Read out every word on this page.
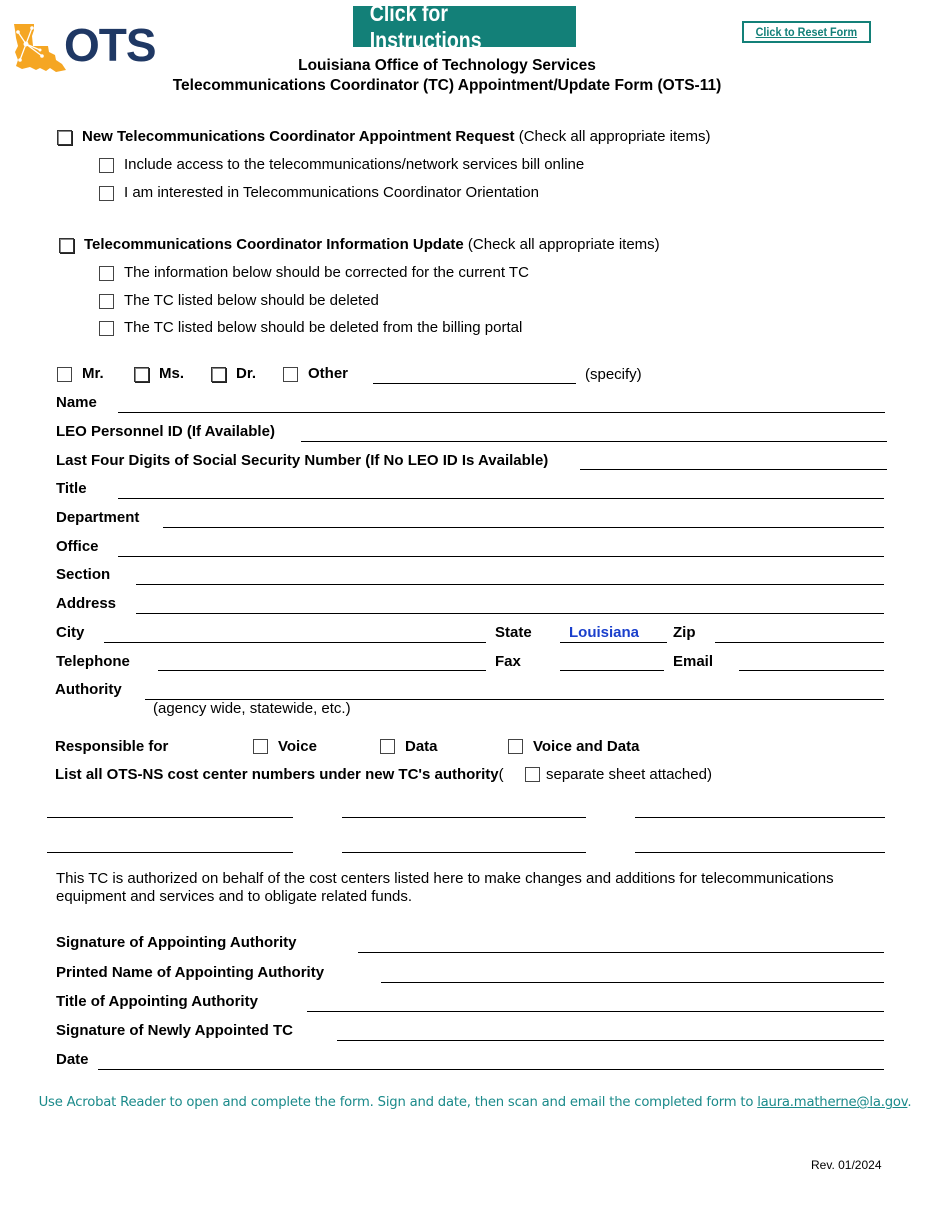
OTS
Click for Instructions	Click to Reset Form
Louisiana Office of Technology Services
Telecommunications Coordinator (TC) Appointment/Update Form (OTS-11)
New Telecommunications Coordinator Appointment Request (Check all appropriate items)
Include access to the telecommunications/network services bill online
I am interested in Telecommunications Coordinator Orientation
Telecommunications Coordinator Information Update (Check all appropriate items)
The information below should be corrected for the current TC
The TC listed below should be deleted
The TC listed below should be deleted from the billing portal
Mr.	Ms.	Dr.	Other	(specify)
Name
LEO Personnel ID (If Available)
Last Four Digits of Social Security Number (If No LEO ID Is Available)
Title
Department
Office
Section
Address
City	State Louisiana Zip
Telephone	Fax	Email
Authority
(agency wide, statewide, etc.)
Responsible for	Voice	Data	Voice and Data
List all OTS-NS cost center numbers under new TC's authority(	separate sheet attached)
This TC is authorized on behalf of the cost centers listed here to make changes and additions for telecommunications
equipment and services and to obligate related funds.
Signature of Appointing Authority
Printed Name of Appointing Authority
Title of Appointing Authority
Signature of Newly Appointed TC
Date
Use Acrobat Reader to open and complete the form. Sign and date, then scan and email the completed form to laura.matherne@la.gov.
Rev. 01/2024
